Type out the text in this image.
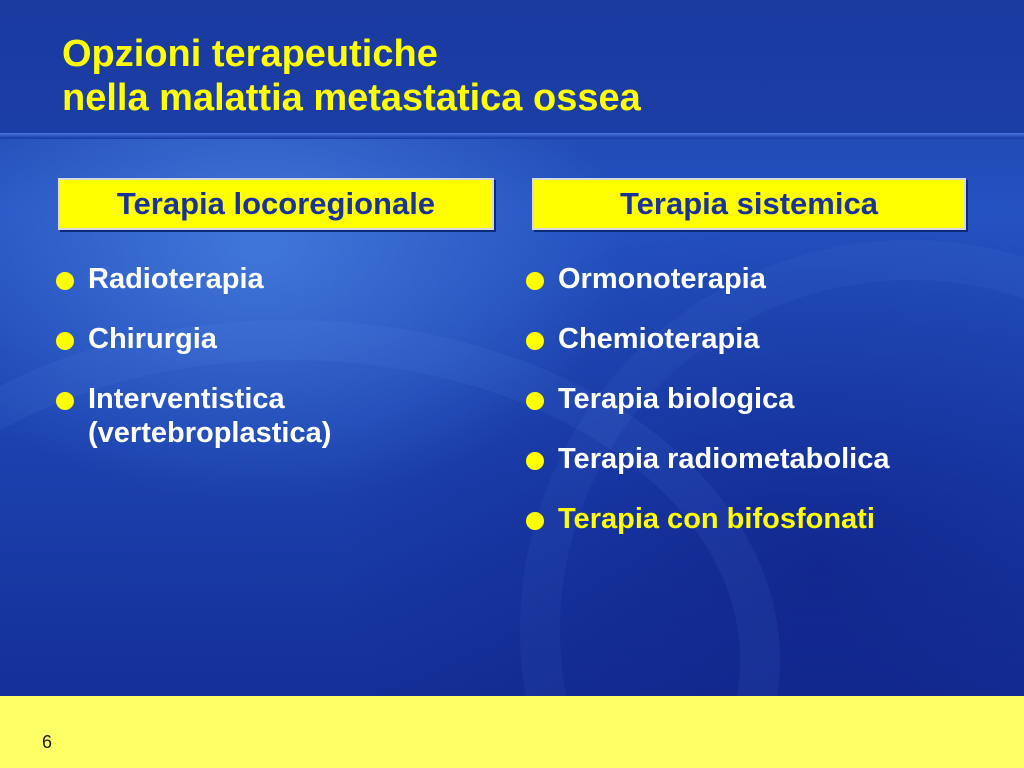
Opzioni terapeutiche
nella malattia metastatica ossea
Terapia locoregionale	Terapia sistemica
Radioterapia
Chirurgia
Interventistica
(vertebroplastica)
Ormonoterapia
Chemioterapia
Terapia biologica
Terapia radiometabolica
Terapia con bifosfonati
6
